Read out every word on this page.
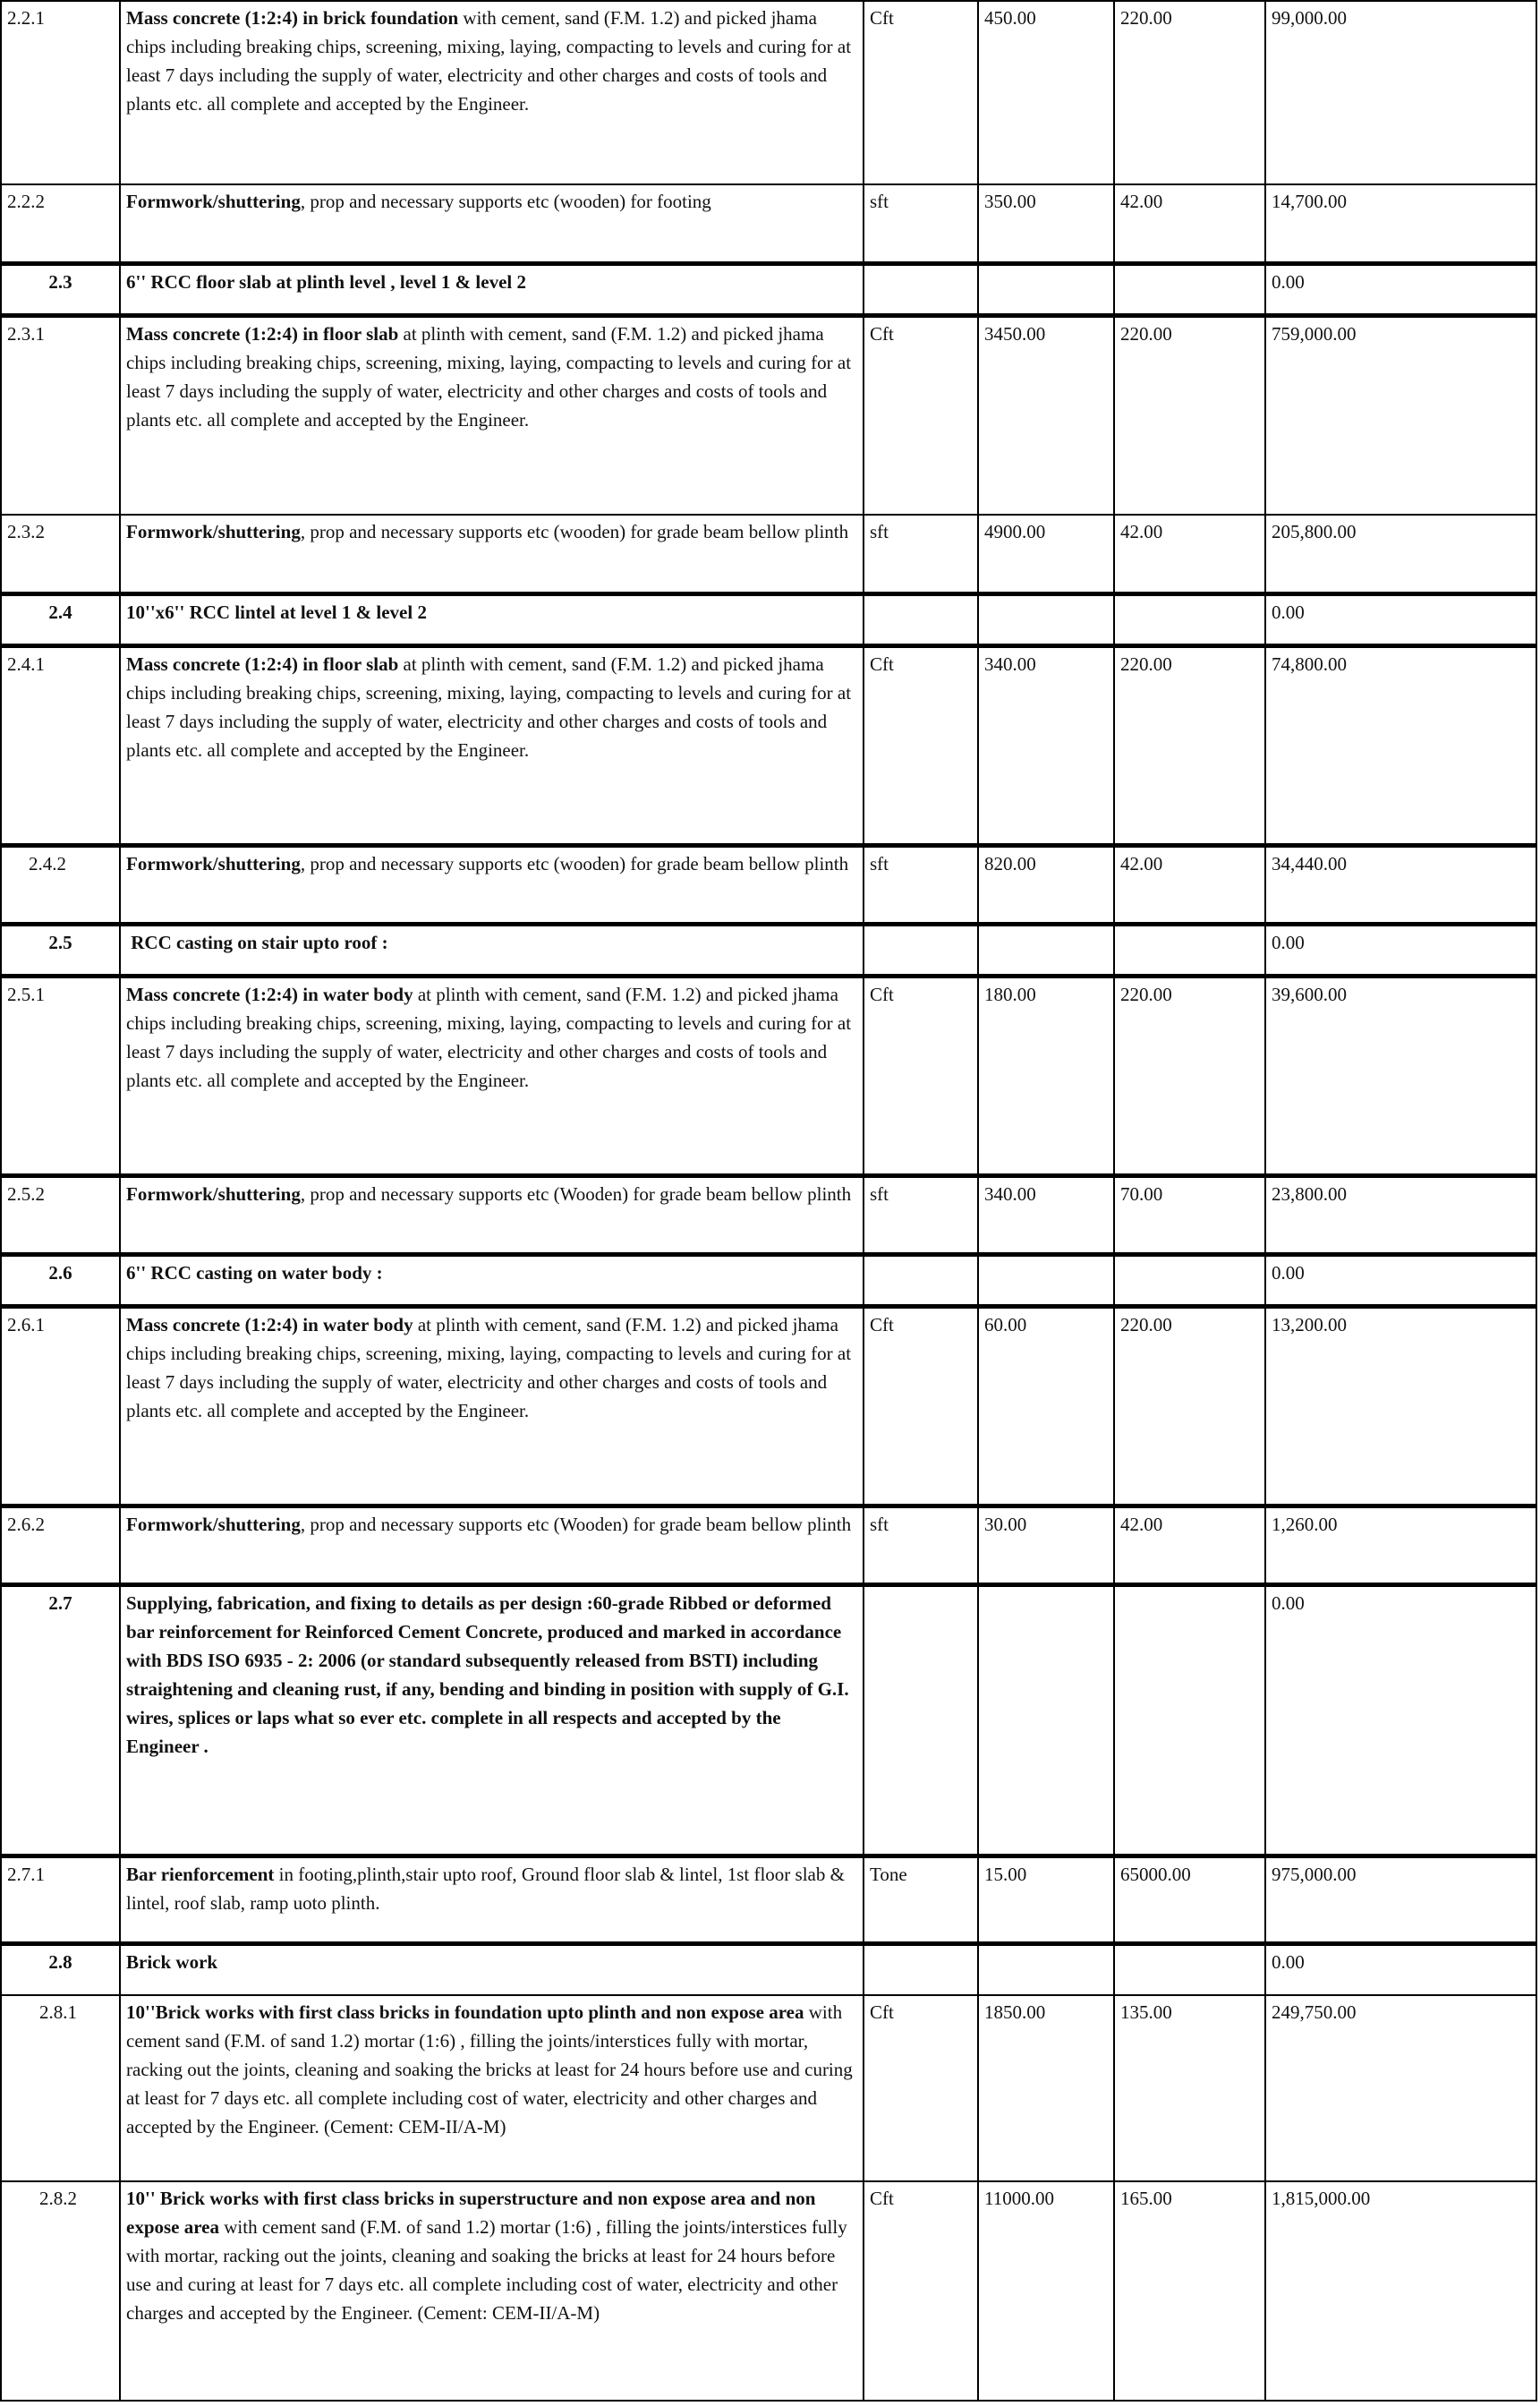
2.2.1	Mass concrete (1:2:4) in brick foundation with cement, sand (F.M. 1.2) and picked jhama chips including breaking chips, screening, mixing, laying, compacting to levels and curing for at least 7 days including the supply of water, electricity and other charges and costs of tools and plants etc. all complete and accepted by the Engineer.	Cft	450.00	220.00	99,000.00
2.2.2	Formwork/shuttering, prop and necessary supports etc (wooden) for footing	sft	350.00	42.00	14,700.00
2.3	6'' RCC floor slab at plinth level , level 1 & level 2				0.00
2.3.1	Mass concrete (1:2:4) in floor slab at plinth with cement, sand (F.M. 1.2) and picked jhama chips including breaking chips, screening, mixing, laying, compacting to levels and curing for at least 7 days including the supply of water, electricity and other charges and costs of tools and plants etc. all complete and accepted by the Engineer.	Cft	3450.00	220.00	759,000.00
2.3.2	Formwork/shuttering, prop and necessary supports etc (wooden) for grade beam bellow plinth	sft	4900.00	42.00	205,800.00
2.4	10''x6'' RCC lintel at level 1 & level 2				0.00
2.4.1	Mass concrete (1:2:4) in floor slab at plinth with cement, sand (F.M. 1.2) and picked jhama chips including breaking chips, screening, mixing, laying, compacting to levels and curing for at least 7 days including the supply of water, electricity and other charges and costs of tools and plants etc. all complete and accepted by the Engineer.	Cft	340.00	220.00	74,800.00
2.4.2	Formwork/shuttering, prop and necessary supports etc (wooden) for grade beam bellow plinth	sft	820.00	42.00	34,440.00
2.5	RCC casting on stair upto roof :				0.00
2.5.1	Mass concrete (1:2:4) in water body at plinth with cement, sand (F.M. 1.2) and picked jhama chips including breaking chips, screening, mixing, laying, compacting to levels and curing for at least 7 days including the supply of water, electricity and other charges and costs of tools and plants etc. all complete and accepted by the Engineer.	Cft	180.00	220.00	39,600.00
2.5.2	Formwork/shuttering, prop and necessary supports etc (Wooden) for grade beam bellow plinth	sft	340.00	70.00	23,800.00
2.6	6'' RCC casting on water body :				0.00
2.6.1	Mass concrete (1:2:4) in water body at plinth with cement, sand (F.M. 1.2) and picked jhama chips including breaking chips, screening, mixing, laying, compacting to levels and curing for at least 7 days including the supply of water, electricity and other charges and costs of tools and plants etc. all complete and accepted by the Engineer.	Cft	60.00	220.00	13,200.00
2.6.2	Formwork/shuttering, prop and necessary supports etc (Wooden) for grade beam bellow plinth	sft	30.00	42.00	1,260.00
2.7	Supplying, fabrication, and fixing to details as per design :60-grade Ribbed or deformed bar reinforcement for Reinforced Cement Concrete, produced and marked in accordance with BDS ISO 6935 - 2: 2006 (or standard subsequently released from BSTI) including straightening and cleaning rust, if any, bending and binding in position with supply of G.I. wires, splices or laps what so ever etc. complete in all respects and accepted by the Engineer .				0.00
2.7.1	Bar rienforcement in footing,plinth,stair upto roof, Ground floor slab & lintel, 1st floor slab & lintel, roof slab, ramp uoto plinth.	Tone	15.00	65000.00	975,000.00
2.8	Brick work				0.00
2.8.1	10''Brick works with first class bricks in foundation upto plinth and non expose area with cement sand (F.M. of sand 1.2) mortar (1:6) , filling the joints/interstices fully with mortar, racking out the joints, cleaning and soaking the bricks at least for 24 hours before use and curing at least for 7 days etc. all complete including cost of water, electricity and other charges and accepted by the Engineer. (Cement: CEM-II/A-M)	Cft	1850.00	135.00	249,750.00
2.8.2	10'' Brick works with first class bricks in superstructure and non expose area and non expose area with cement sand (F.M. of sand 1.2) mortar (1:6) , filling the joints/interstices fully with mortar, racking out the joints, cleaning and soaking the bricks at least for 24 hours before use and curing at least for 7 days etc. all complete including cost of water, electricity and other charges and accepted by the Engineer. (Cement: CEM-II/A-M)	Cft	11000.00	165.00	1,815,000.00
